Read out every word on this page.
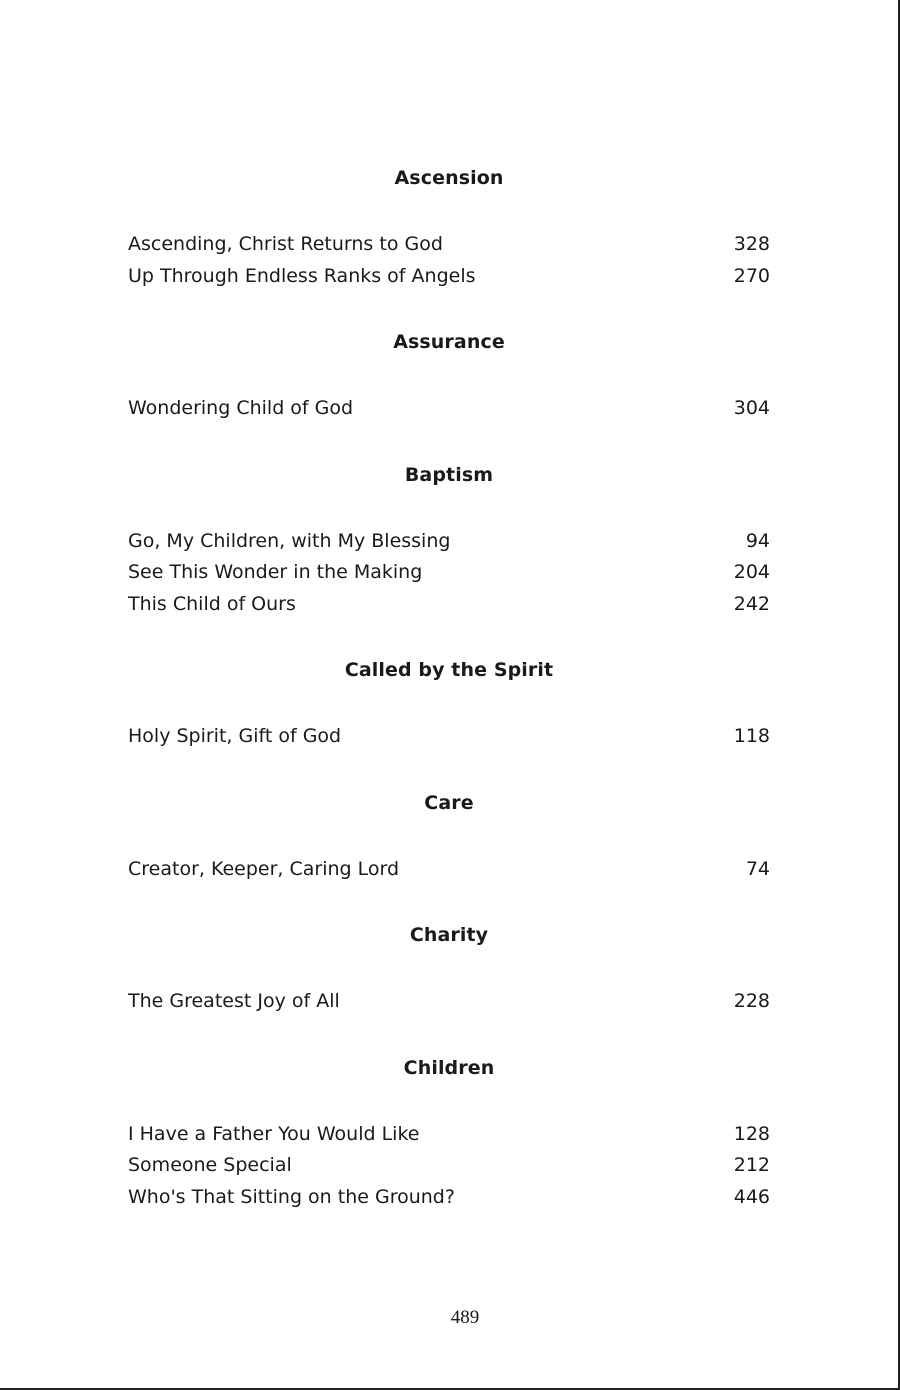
Ascension
Ascending, Christ Returns to God	328
Up Through Endless Ranks of Angels	270
Assurance
Wondering Child of God	304
Baptism
Go, My Children, with My Blessing	94
See This Wonder in the Making	204
This Child of Ours	242
Called by the Spirit
Holy Spirit, Gift of God	118
Care
Creator, Keeper, Caring Lord	74
Charity
The Greatest Joy of All	228
Children
I Have a Father You Would Like	128
Someone Special	212
Who's That Sitting on the Ground?	446
489
